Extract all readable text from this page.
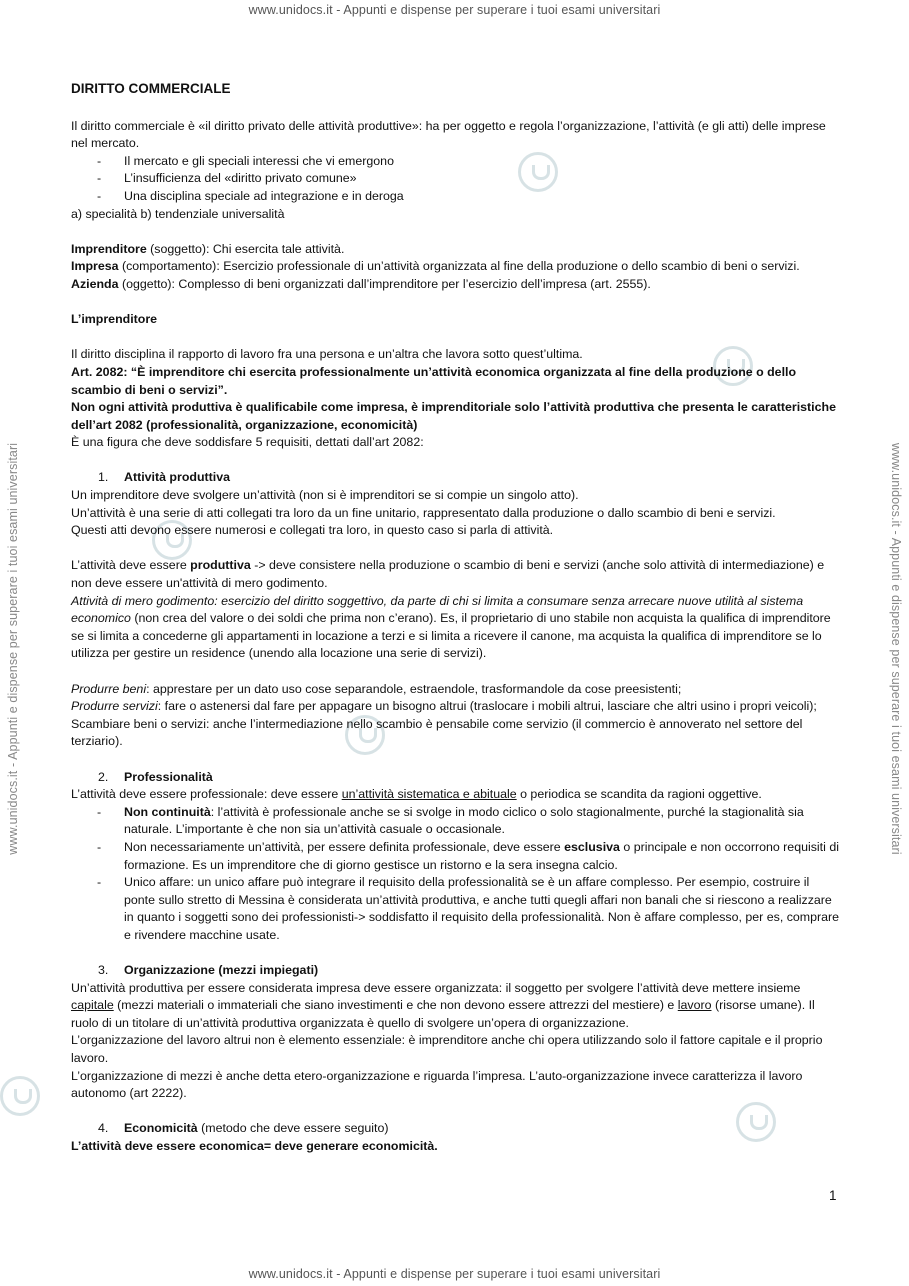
www.unidocs.it - Appunti e dispense per superare i tuoi esami universitari
www.unidocs.it - Appunti e dispense per superare i tuoi esami universitari
www.unidocs.it - Appunti e dispense per superare i tuoi esami universitari	www.unidocs.it - Appunti e dispense per superare i tuoi esami universitari
DIRITTO COMMERCIALE

Il diritto commerciale è «il diritto privato delle attività produttive»: ha per oggetto e regola l’organizzazione, l’attività (e gli atti) delle imprese nel mercato.

- Il mercato e gli speciali interessi che vi emergono
- L’insufficienza del «diritto privato comune»
- Una disciplina speciale ad integrazione e in deroga

a) specialità b) tendenziale universalità

Imprenditore (soggetto): Chi esercita tale attività.

Impresa (comportamento): Esercizio professionale di un’attività organizzata al fine della produzione o dello scambio di beni o servizi.

Azienda (oggetto): Complesso di beni organizzati dall’imprenditore per l’esercizio dell’impresa (art. 2555).

L’imprenditore

Il diritto disciplina il rapporto di lavoro fra una persona e un’altra che lavora sotto quest’ultima.

Art. 2082: “È imprenditore chi esercita professionalmente un’attività economica organizzata al fine della produzione o dello scambio di beni o servizi”.

Non ogni attività produttiva è qualificabile come impresa, è imprenditoriale solo l’attività produttiva che presenta le caratteristiche dell’art 2082 (professionalità, organizzazione, economicità)

È una figura che deve soddisfare 5 requisiti, dettati dall’art 2082:

1. Attività produttiva

Un imprenditore deve svolgere un’attività (non si è imprenditori se si compie un singolo atto).

Un’attività è una serie di atti collegati tra loro da un fine unitario, rappresentato dalla produzione o dallo scambio di beni e servizi.

Questi atti devono essere numerosi e collegati tra loro, in questo caso si parla di attività.

L’attività deve essere produttiva -> deve consistere nella produzione o scambio di beni e servizi (anche solo attività di intermediazione) e non deve essere un'attività di mero godimento.

Attività di mero godimento: esercizio del diritto soggettivo, da parte di chi si limita a consumare senza arrecare nuove utilità al sistema economico (non crea del valore o dei soldi che prima non c’erano). Es, il proprietario di uno stabile non acquista la qualifica di imprenditore se si limita a concederne gli appartamenti in locazione a terzi e si limita a ricevere il canone, ma acquista la qualifica di imprenditore se lo utilizza per gestire un residence (unendo alla locazione una serie di servizi).

Produrre beni: apprestare per un dato uso cose separandole, estraendole, trasformandole da cose preesistenti;

Produrre servizi: fare o astenersi dal fare per appagare un bisogno altrui (traslocare i mobili altrui, lasciare che altri usino i propri veicoli);

Scambiare beni o servizi: anche l’intermediazione nello scambio è pensabile come servizio (il commercio è annoverato nel settore del terziario).

2. Professionalità

L’attività deve essere professionale: deve essere un’attività sistematica e abituale o periodica se scandita da ragioni oggettive.

- Non continuità: l’attività è professionale anche se si svolge in modo ciclico o solo stagionalmente, purché la stagionalità sia naturale. L’importante è che non sia un’attività casuale o occasionale.
- Non necessariamente un’attività, per essere definita professionale, deve essere esclusiva o principale e non occorrono requisiti di formazione. Es un imprenditore che di giorno gestisce un ristorno e la sera insegna calcio.
- Unico affare: un unico affare può integrare il requisito della professionalità se è un affare complesso. Per esempio, costruire il ponte sullo stretto di Messina è considerata un’attività produttiva, e anche tutti quegli affari non banali che si riescono a realizzare in quanto i soggetti sono dei professionisti-> soddisfatto il requisito della professionalità. Non è affare complesso, per es, comprare e rivendere macchine usate.

3. Organizzazione (mezzi impiegati)

Un’attività produttiva per essere considerata impresa deve essere organizzata: il soggetto per svolgere l’attività deve mettere insieme capitale (mezzi materiali o immateriali che siano investimenti e che non devono essere attrezzi del mestiere) e lavoro (risorse umane). Il ruolo di un titolare di un’attività produttiva organizzata è quello di svolgere un’opera di organizzazione.

L’organizzazione del lavoro altrui non è elemento essenziale: è imprenditore anche chi opera utilizzando solo il fattore capitale e il proprio lavoro.

L’organizzazione di mezzi è anche detta etero-organizzazione e riguarda l’impresa. L’auto-organizzazione invece caratterizza il lavoro autonomo (art 2222).

4. Economicità (metodo che deve essere seguito)

L’attività deve essere economica= deve generare economicità.

1
